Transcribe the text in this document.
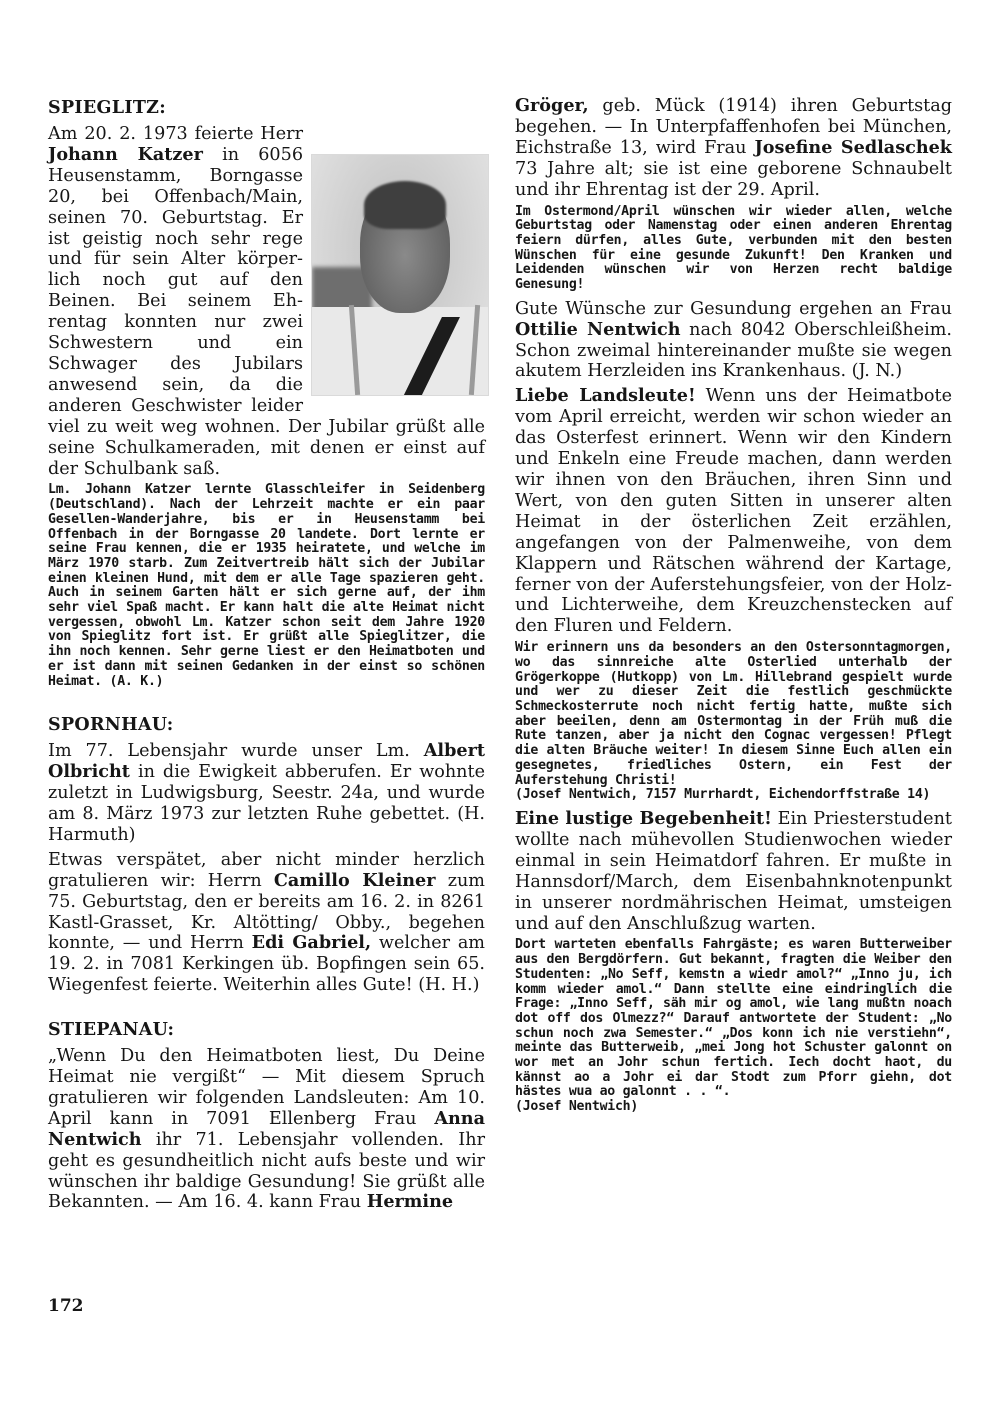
SPIEGLITZ:

Am 20. 2. 1973 feierte Herr Johann Katzer in 6056 Heusenstamm, Borngasse 20, bei Offenbach/Main, seinen 70. Geburtstag. Er ist geistig noch sehr rege und für sein Alter körperlich noch gut auf den Beinen. Bei seinem Ehrentag konnten nur zwei Schwestern und ein Schwager des Jubilars anwesend sein, da die anderen Geschwister leider viel zu weit weg wohnen. Der Jubilar grüßt alle seine Schulkameraden, mit denen er einst auf der Schulbank saß.

Lm. Johann Katzer lernte Glasschleifer in Seidenberg (Deutschland). Nach der Lehrzeit machte er ein paar Gesellen-Wanderjahre, bis er in Heusenstamm bei Offenbach in der Borngasse 20 landete. Dort lernte er seine Frau kennen, die er 1935 heiratete, und welche im März 1970 starb. Zum Zeitvertreib hält sich der Jubilar einen kleinen Hund, mit dem er alle Tage spazieren geht. Auch in seinem Garten hält er sich gerne auf, der ihm sehr viel Spaß macht. Er kann halt die alte Heimat nicht vergessen, obwohl Lm. Katzer schon seit dem Jahre 1920 von Spieglitz fort ist. Er grüßt alle Spieglitzer, die ihn noch kennen. Sehr gerne liest er den Heimatboten und er ist dann mit seinen Gedanken in der einst so schönen Heimat. (A. K.)

SPORNHAU:

Im 77. Lebensjahr wurde unser Lm. Albert Olbricht in die Ewigkeit abberufen. Er wohnte zuletzt in Ludwigsburg, Seestr. 24a, und wurde am 8. März 1973 zur letzten Ruhe gebettet. (H. Harmuth)

Etwas verspätet, aber nicht minder herzlich gratulieren wir: Herrn Camillo Kleiner zum 75. Geburtstag, den er bereits am 16. 2. in 8261 Kastl-Grasset, Kr. Altötting/ Obby., begehen konnte, — und Herrn Edi Gabriel, welcher am 19. 2. in 7081 Kerkingen üb. Bopfingen sein 65. Wiegenfest feierte. Weiterhin alles Gute! (H. H.)

STIEPANAU:

„Wenn Du den Heimatboten liest, Du Deine Heimat nie vergißt“ — Mit diesem Spruch gratulieren wir folgenden Landsleuten: Am 10. April kann in 7091 Ellenberg Frau Anna Nentwich ihr 71. Lebensjahr vollenden. Ihr geht es gesundheitlich nicht aufs beste und wir wünschen ihr baldige Gesundung! Sie grüßt alle Bekannten. — Am 16. 4. kann Frau Hermine

Gröger, geb. Mück (1914) ihren Geburtstag begehen. — In Unterpfaffenhofen bei München, Eichstraße 13, wird Frau Josefine Sedlaschek 73 Jahre alt; sie ist eine geborene Schnaubelt und ihr Ehrentag ist der 29. April.

Im Ostermond/April wünschen wir wieder allen, welche Geburtstag oder Namenstag oder einen anderen Ehrentag feiern dürfen, alles Gute, verbunden mit den besten Wünschen für eine gesunde Zukunft! Den Kranken und Leidenden wünschen wir von Herzen recht baldige Genesung!

Gute Wünsche zur Gesundung ergehen an Frau Ottilie Nentwich nach 8042 Oberschleißheim. Schon zweimal hintereinander mußte sie wegen akutem Herzleiden ins Krankenhaus. (J. N.)

Liebe Landsleute! Wenn uns der Heimatbote vom April erreicht, werden wir schon wieder an das Osterfest erinnert. Wenn wir den Kindern und Enkeln eine Freude machen, dann werden wir ihnen von den Bräuchen, ihren Sinn und Wert, von den guten Sitten in unserer alten Heimat in der österlichen Zeit erzählen, angefangen von der Palmenweihe, von dem Klappern und Rätschen während der Kartage, ferner von der Auferstehungsfeier, von der Holz- und Lichterweihe, dem Kreuzchenstecken auf den Fluren und Feldern.

Wir erinnern uns da besonders an den Ostersonntagmorgen, wo das sinnreiche alte Osterlied unterhalb der Grögerkoppe (Hutkopp) von Lm. Hillebrand gespielt wurde und wer zu dieser Zeit die festlich geschmückte Schmeckosterrute noch nicht fertig hatte, mußte sich aber beeilen, denn am Ostermontag in der Früh muß die Rute tanzen, aber ja nicht den Cognac vergessen! Pflegt die alten Bräuche weiter! In diesem Sinne Euch allen ein gesegnetes, friedliches Ostern, ein Fest der Auferstehung Christi!

(Josef Nentwich, 7157 Murrhardt, Eichendorffstraße 14)

Eine lustige Begebenheit! Ein Priesterstudent wollte nach mühevollen Studienwochen wieder einmal in sein Heimatdorf fahren. Er mußte in Hannsdorf/March, dem Eisenbahnknotenpunkt in unserer nordmährischen Heimat, umsteigen und auf den Anschlußzug warten.

Dort warteten ebenfalls Fahrgäste; es waren Butterweiber aus den Bergdörfern. Gut bekannt, fragten die Weiber den Studenten: „No Seff, kemstn a wiedr amol?“ „Inno ju, ich komm wieder amol.“ Dann stellte eine eindringlich die Frage: „Inno Seff, säh mir og amol, wie lang mußtn noach dot off dos Olmezz?“ Darauf antwortete der Student: „No schun noch zwa Semester.“ „Dos konn ich nie verstiehn“, meinte das Butterweib, „mei Jong hot Schuster galonnt on wor met an Johr schun fertich. Iech docht haot, du kännst ao a Johr ei dar Stodt zum Pforr giehn, dot hästes wua ao galonnt . . “.

(Josef Nentwich)

172
